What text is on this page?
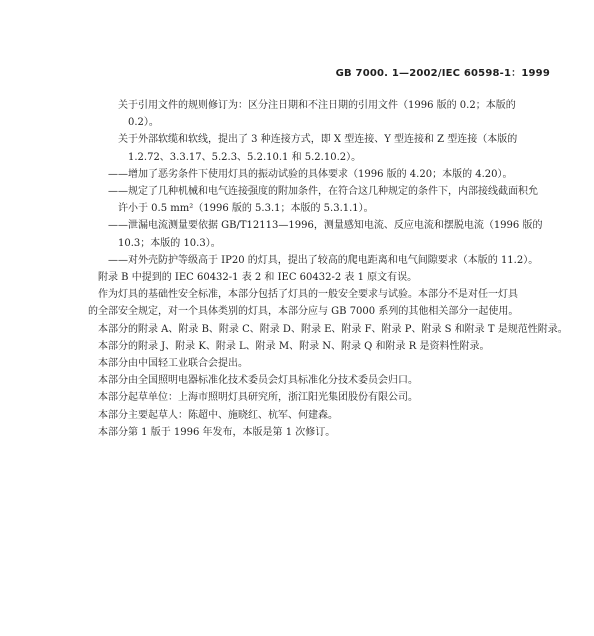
GB 7000. 1—2002/IEC 60598-1：1999
关于引用文件的规则修订为：区分注日期和不注日期的引用文件（1996 版的 0.2；本版的
0.2）。
关于外部软缆和软线，提出了 3 种连接方式，即 X 型连接、Y 型连接和 Z 型连接（本版的
1.2.72、3.3.17、5.2.3、5.2.10.1 和 5.2.10.2）。
——增加了恶劣条件下使用灯具的振动试验的具体要求（1996 版的 4.20；本版的 4.20）。
——规定了几种机械和电气连接强度的附加条件，在符合这几种规定的条件下，内部接线截面积允
许小于 0.5 mm²（1996 版的 5.3.1；本版的 5.3.1.1）。
——泄漏电流测量要依据 GB/T12113—1996，测量感知电流、反应电流和摆脱电流（1996 版的
10.3；本版的 10.3）。
——对外壳防护等级高于 IP20 的灯具，提出了较高的爬电距离和电气间隙要求（本版的 11.2）。
附录 B 中提到的 IEC 60432-1 表 2 和 IEC 60432-2 表 1 原文有误。
作为灯具的基础性安全标准，本部分包括了灯具的一般安全要求与试验。本部分不是对任一灯具
的全部安全规定，对一个具体类别的灯具，本部分应与 GB 7000 系列的其他相关部分一起使用。
本部分的附录 A、附录 B、附录 C、附录 D、附录 E、附录 F、附录 P、附录 S 和附录 T 是规范性附录。
本部分的附录 J、附录 K、附录 L、附录 M、附录 N、附录 Q 和附录 R 是资料性附录。
本部分由中国轻工业联合会提出。
本部分由全国照明电器标准化技术委员会灯具标准化分技术委员会归口。
本部分起草单位：上海市照明灯具研究所，浙江阳光集团股份有限公司。
本部分主要起草人：陈超中、施晓红、杭军、何建森。
本部分第 1 版于 1996 年发布，本版是第 1 次修订。
